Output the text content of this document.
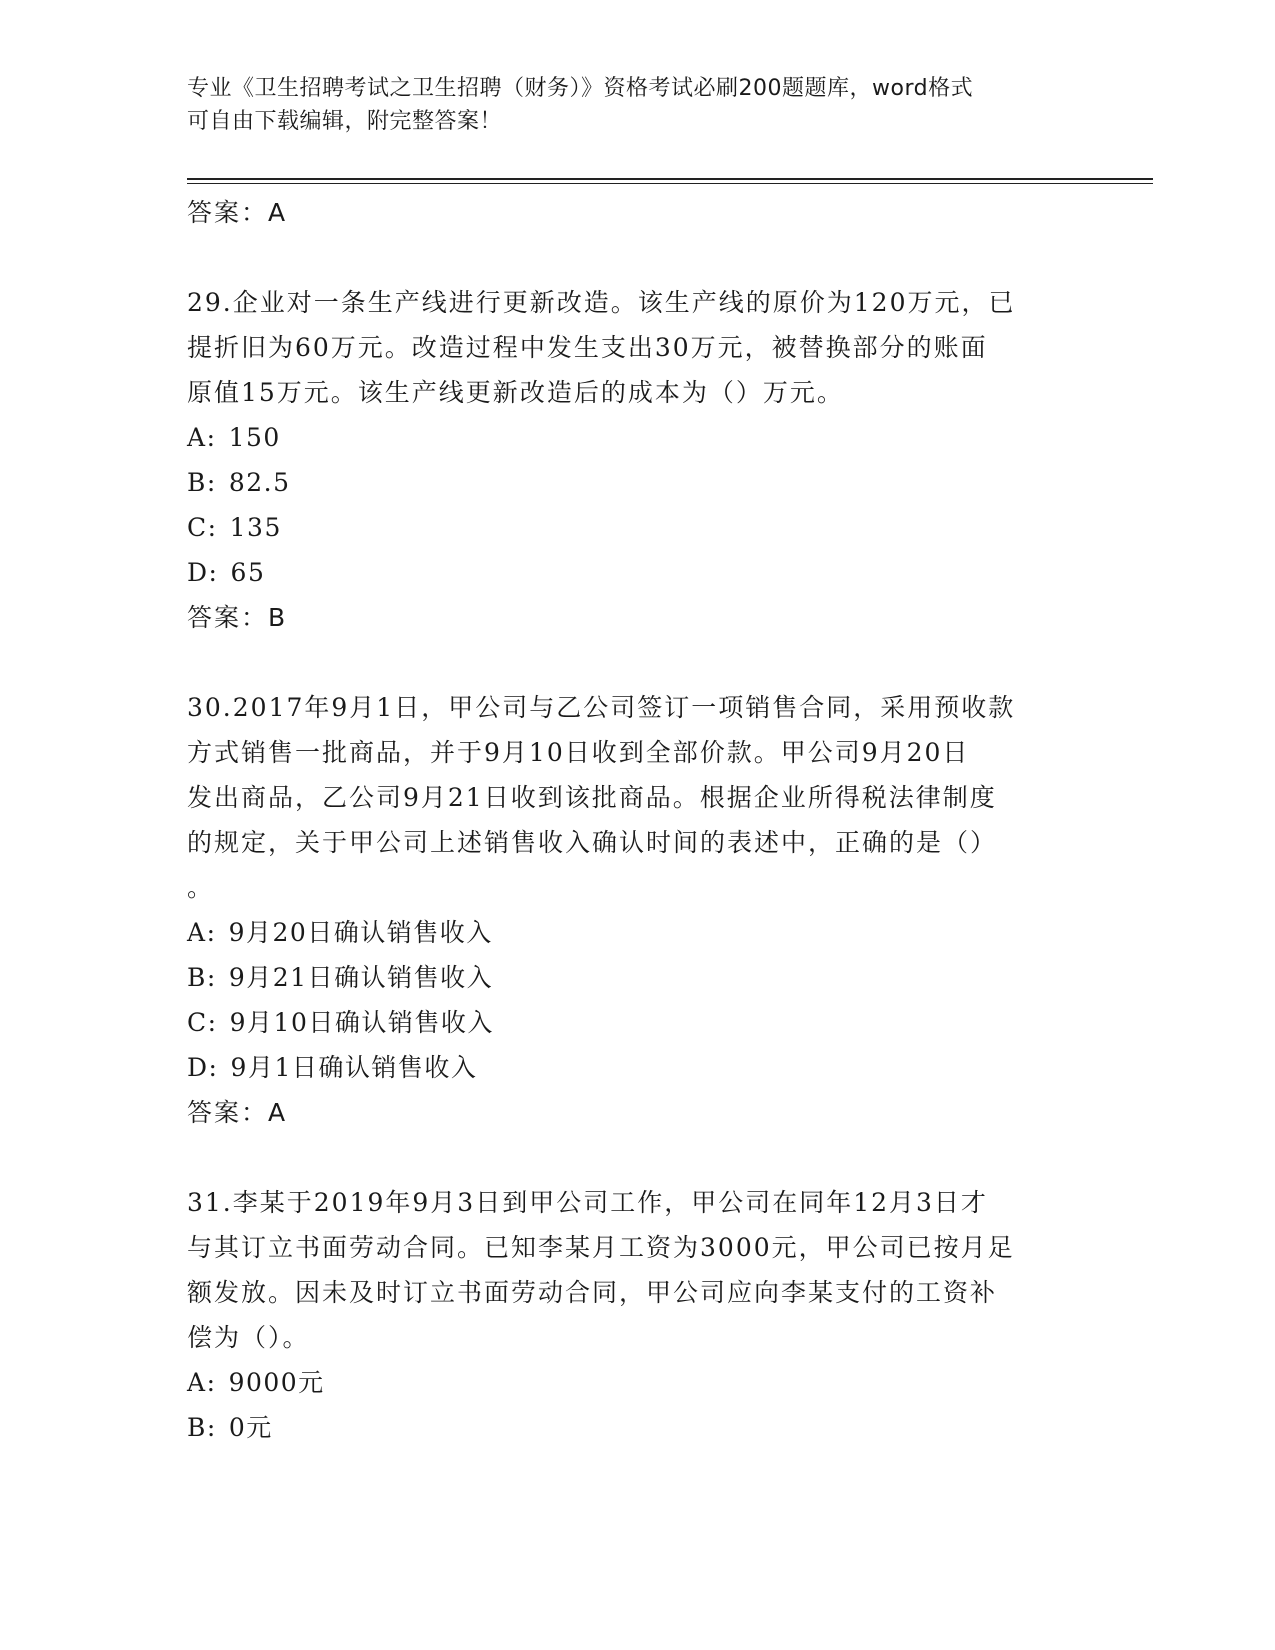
专业《卫生招聘考试之卫生招聘（财务）》资格考试必刷200题题库，word格式
可自由下载编辑，附完整答案！
答案：A
29.企业对一条生产线进行更新改造。该生产线的原价为120万元，已
提折旧为60万元。改造过程中发生支出30万元，被替换部分的账面
原值15万元。该生产线更新改造后的成本为（）万元。
A: 150
B: 82.5
C: 135
D: 65
答案：B
30.2017年9月1日，甲公司与乙公司签订一项销售合同，采用预收款
方式销售一批商品，并于9月10日收到全部价款。甲公司9月20日
发出商品，乙公司9月21日收到该批商品。根据企业所得税法律制度
的规定，关于甲公司上述销售收入确认时间的表述中，正确的是（）
。
A: 9月20日确认销售收入
B: 9月21日确认销售收入
C: 9月10日确认销售收入
D: 9月1日确认销售收入
答案：A
31.李某于2019年9月3日到甲公司工作，甲公司在同年12月3日才
与其订立书面劳动合同。已知李某月工资为3000元，甲公司已按月足
额发放。因未及时订立书面劳动合同，甲公司应向李某支付的工资补
偿为（）。
A: 9000元
B: 0元
